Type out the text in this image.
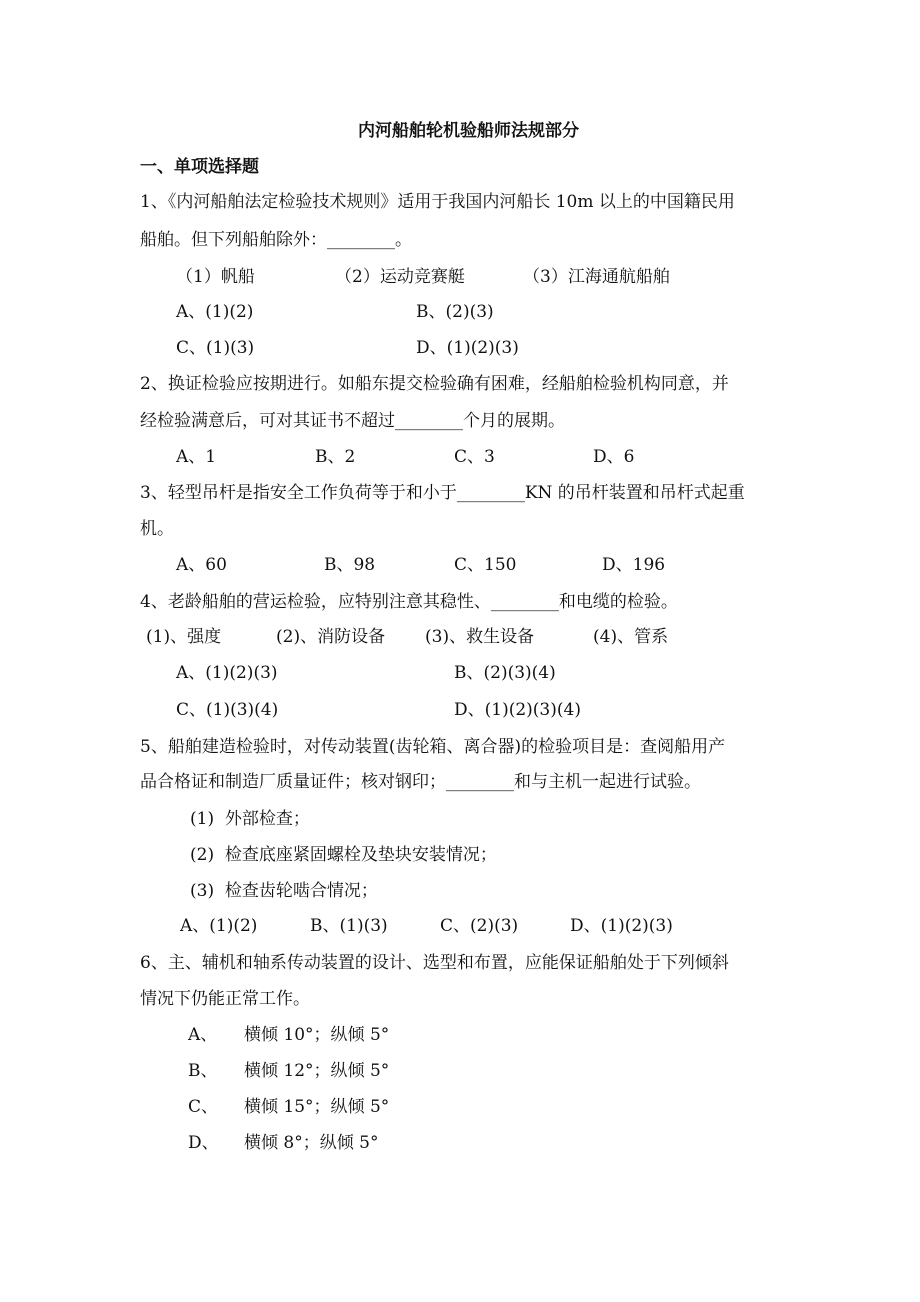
内河船舶轮机验船师法规部分
一、单项选择题
1、《内河船舶法定检验技术规则》适用于我国内河船长 10m 以上的中国籍民用
船舶。但下列船舶除外：________。
（1）帆船	（2）运动竞赛艇	（3）江海通航船舶
A、(1)(2)	B、(2)(3)
C、(1)(3)	D、(1)(2)(3)
2、换证检验应按期进行。如船东提交检验确有困难，经船舶检验机构同意，并
经检验满意后，可对其证书不超过________个月的展期。
A、1	B、2	C、3	D、6
3、轻型吊杆是指安全工作负荷等于和小于________KN 的吊杆装置和吊杆式起重
机。
A、60	B、98	C、150	D、196
4、老龄船舶的营运检验，应特别注意其稳性、________和电缆的检验。
(1)、强度	(2)、消防设备 (3)、救生设备	(4)、管系
A、(1)(2)(3)	B、(2)(3)(4)
C、(1)(3)(4)	D、(1)(2)(3)(4)
5、船舶建造检验时，对传动装置(齿轮箱、离合器)的检验项目是：查阅船用产
品合格证和制造厂质量证件；核对钢印；________和与主机一起进行试验。
(1)  外部检查；
(2)  检查底座紧固螺栓及垫块安装情况；
(3)  检查齿轮啮合情况；
A、(1)(2)	B、(1)(3)	C、(2)(3)	D、(1)(2)(3)
6、主、辅机和轴系传动装置的设计、选型和布置，应能保证船舶处于下列倾斜
情况下仍能正常工作。
A、 横倾 10°；纵倾 5°
B、 横倾 12°；纵倾 5°
C、 横倾 15°；纵倾 5°
D、 横倾 8°；纵倾 5°
